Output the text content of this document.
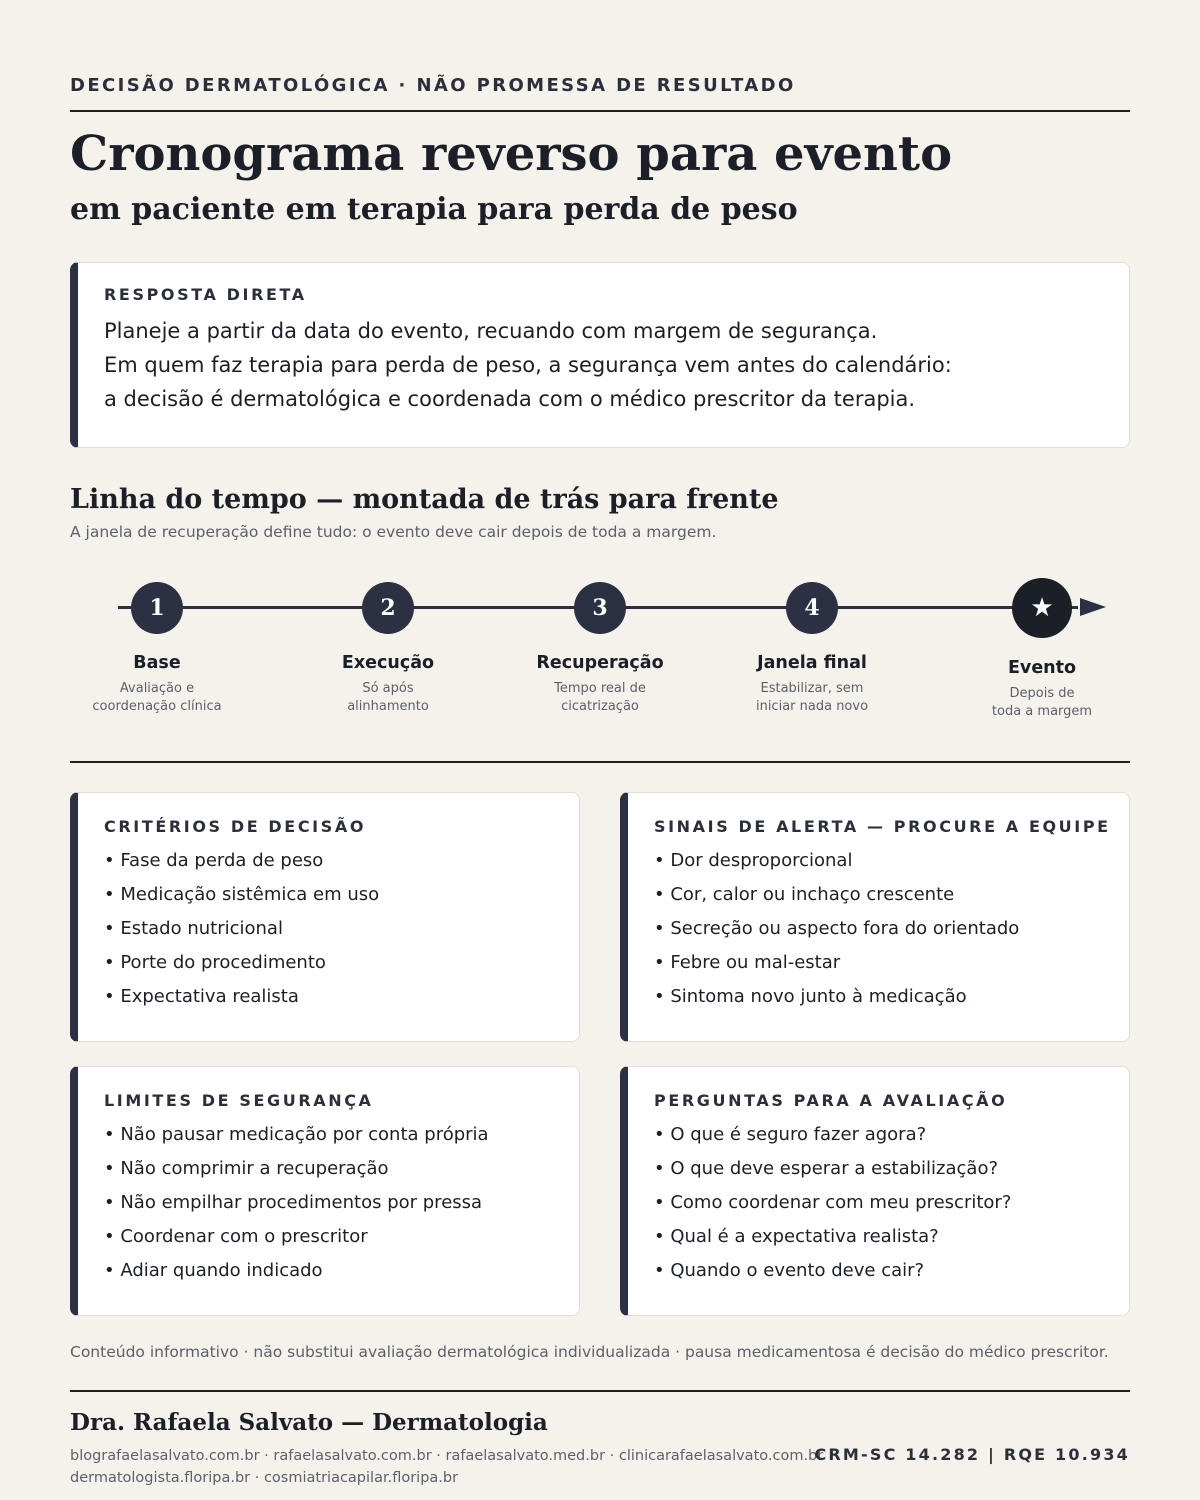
DECISÃO DERMATOLÓGICA · NÃO PROMESSA DE RESULTADO
Cronograma reverso para evento
em paciente em terapia para perda de peso
RESPOSTA DIRETA
Planeje a partir da data do evento, recuando com margem de segurança.
Em quem faz terapia para perda de peso, a segurança vem antes do calendário:
a decisão é dermatológica e coordenada com o médico prescritor da terapia.
Linha do tempo — montada de trás para frente
A janela de recuperação define tudo: o evento deve cair depois de toda a margem.
1
Base
Avaliação e
coordenação clínica
2
Execução
Só após
alinhamento
3
Recuperação
Tempo real de
cicatrização
4
Janela final
Estabilizar, sem
iniciar nada novo
★
Evento
Depois de
toda a margem
CRITÉRIOS DE DECISÃO
• Fase da perda de peso
• Medicação sistêmica em uso
• Estado nutricional
• Porte do procedimento
• Expectativa realista
SINAIS DE ALERTA — PROCURE A EQUIPE
• Dor desproporcional
• Cor, calor ou inchaço crescente
• Secreção ou aspecto fora do orientado
• Febre ou mal-estar
• Sintoma novo junto à medicação
LIMITES DE SEGURANÇA
• Não pausar medicação por conta própria
• Não comprimir a recuperação
• Não empilhar procedimentos por pressa
• Coordenar com o prescritor
• Adiar quando indicado
PERGUNTAS PARA A AVALIAÇÃO
• O que é seguro fazer agora?
• O que deve esperar a estabilização?
• Como coordenar com meu prescritor?
• Qual é a expectativa realista?
• Quando o evento deve cair?
Conteúdo informativo · não substitui avaliação dermatológica individualizada · pausa medicamentosa é decisão do médico prescritor.
Dra. Rafaela Salvato — Dermatologia
blografaelasalvato.com.br · rafaelasalvato.com.br · rafaelasalvato.med.br · clinicarafaelasalvato.com.br
dermatologista.floripa.br · cosmiatriacapilar.floripa.br
CRM-SC 14.282 | RQE 10.934
